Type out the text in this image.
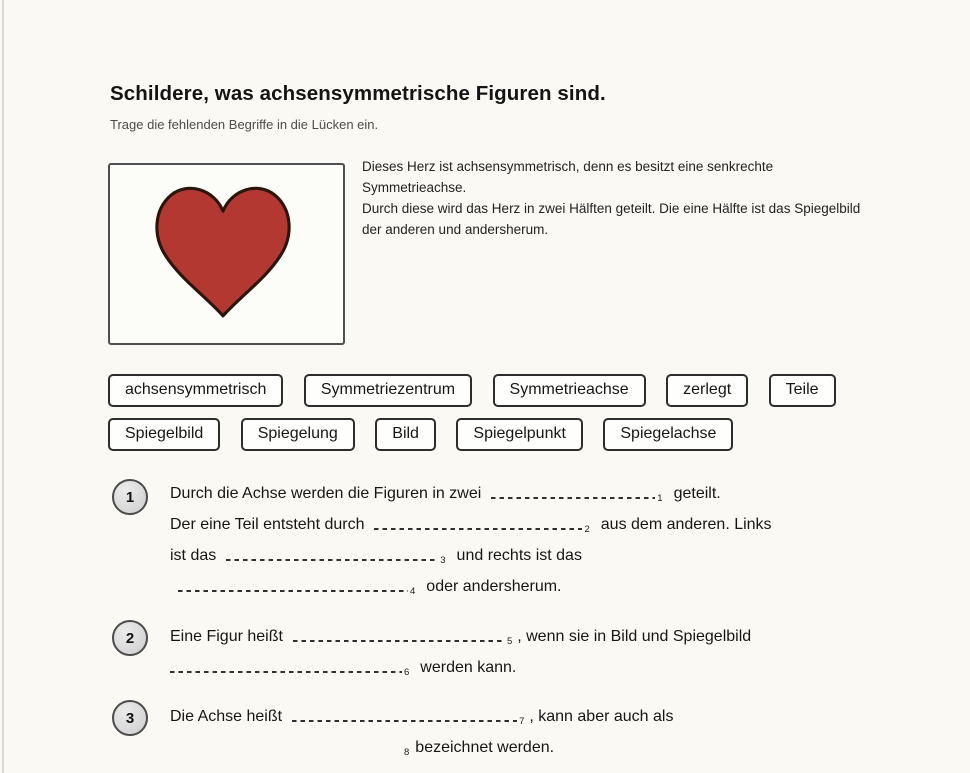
Schildere, was achsensymmetrische Figuren sind.
Trage die fehlenden Begriffe in die Lücken ein.
Dieses Herz ist achsensymmetrisch, denn es besitzt eine senkrechte Symmetrieachse.
Durch diese wird das Herz in zwei Hälften geteilt. Die eine Hälfte ist das Spiegelbild der anderen und andersherum.
achsensymmetrisch	Symmetriezentrum	Symmetrieachse	zerlegt	Teile
Spiegelbild	Spiegelung	Bild	Spiegelpunkt	Spiegelachse
1 Durch die Achse werden die Figuren in zwei	1 geteilt.
Der eine Teil entsteht durch	2 aus dem anderen. Links
ist das	3 und rechts ist das
4 oder andersherum.
2 Eine Figur heißt	5 , wenn sie in Bild und Spiegelbild
6 werden kann.
3 Die Achse heißt	7 , kann aber auch als
8 bezeichnet werden.
